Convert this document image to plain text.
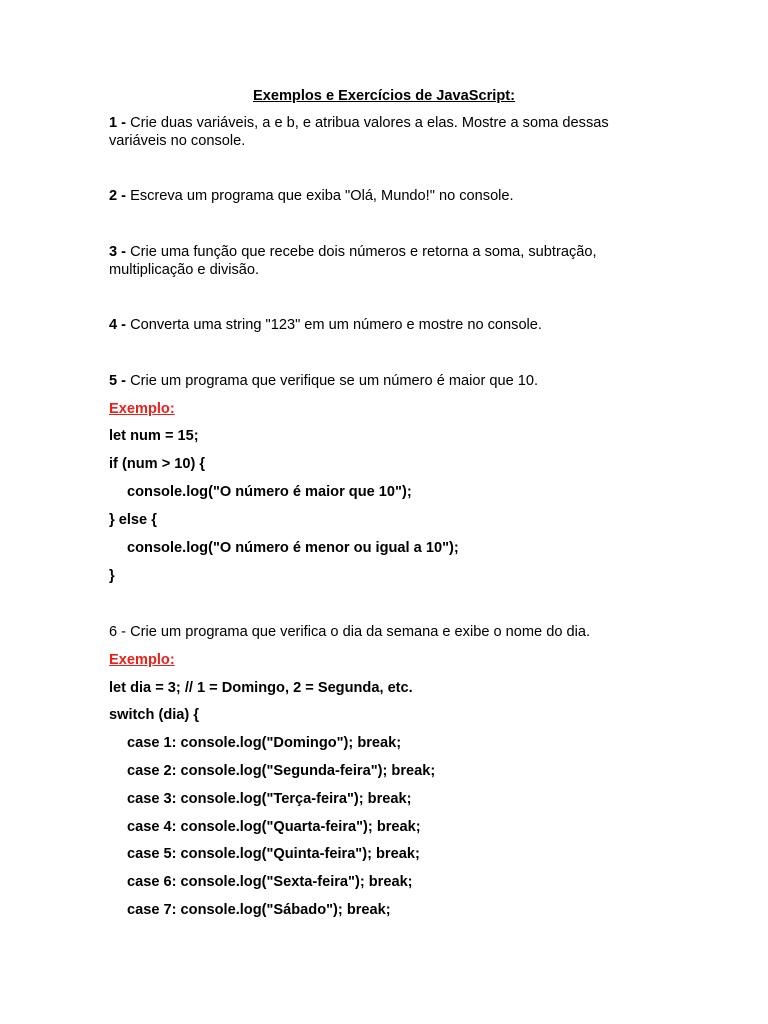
Exemplos e Exercícios de JavaScript:
1 - Crie duas variáveis, a e b, e atribua valores a elas. Mostre a soma dessas
variáveis no console.
2 - Escreva um programa que exiba "Olá, Mundo!" no console.
3 - Crie uma função que recebe dois números e retorna a soma, subtração,
multiplicação e divisão.
4 - Converta uma string "123" em um número e mostre no console.
5 - Crie um programa que verifique se um número é maior que 10.
Exemplo:
let num = 15;
if (num > 10) {
console.log("O número é maior que 10");
} else {
console.log("O número é menor ou igual a 10");
}
6 - Crie um programa que verifica o dia da semana e exibe o nome do dia.
Exemplo:
let dia = 3; // 1 = Domingo, 2 = Segunda, etc.
switch (dia) {
case 1: console.log("Domingo"); break;
case 2: console.log("Segunda-feira"); break;
case 3: console.log("Terça-feira"); break;
case 4: console.log("Quarta-feira"); break;
case 5: console.log("Quinta-feira"); break;
case 6: console.log("Sexta-feira"); break;
case 7: console.log("Sábado"); break;
